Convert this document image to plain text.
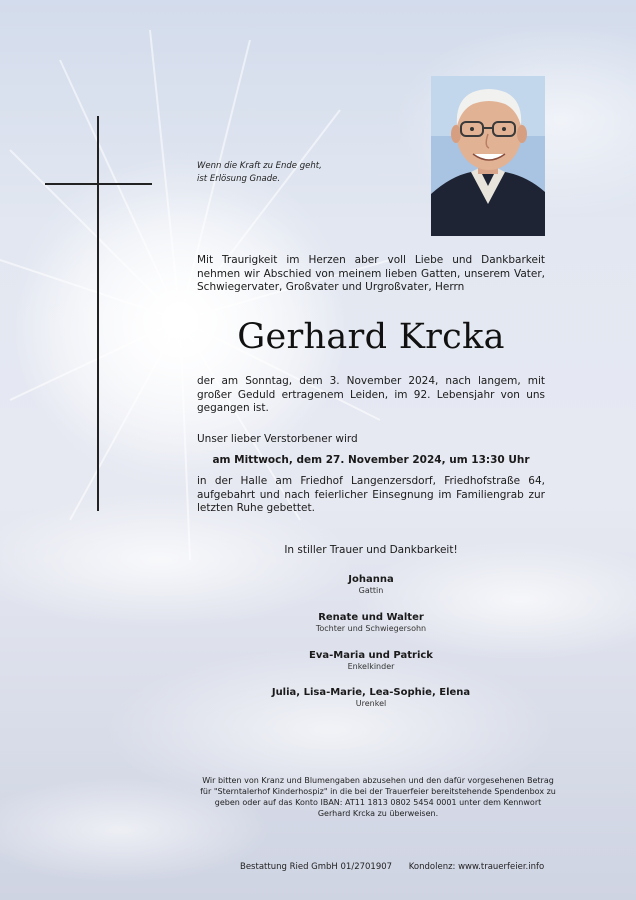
Wenn die Kraft zu Ende geht,
ist Erlösung Gnade.
Mit Traurigkeit im Herzen aber voll Liebe und Dankbarkeit nehmen wir Abschied von meinem lieben Gatten, unserem Vater, Schwiegervater, Großvater und Urgroßvater, Herrn
Gerhard Krcka
der am Sonntag, dem 3. November 2024, nach langem, mit großer Geduld ertragenem Leiden, im 92. Lebensjahr von uns gegangen ist.
Unser lieber Verstorbener wird
am Mittwoch, dem 27. November 2024, um 13:30 Uhr
in der Halle am Friedhof Langenzersdorf, Friedhofstraße 64, aufgebahrt und nach feierlicher Einsegnung im Familiengrab zur letzten Ruhe gebettet.
In stiller Trauer und Dankbarkeit!
Johanna
Gattin
Renate und Walter
Tochter und Schwiegersohn
Eva-Maria und Patrick
Enkelkinder
Julia, Lisa-Marie, Lea-Sophie, Elena
Urenkel
Wir bitten von Kranz und Blumengaben abzusehen und den dafür vorgesehenen Betrag
für "Sterntalerhof Kinderhospiz" in die bei der Trauerfeier bereitstehende Spendenbox zu
geben oder auf das Konto IBAN: AT11 1813 0802 5454 0001 unter dem Kennwort
Gerhard Krcka zu überweisen.
Bestattung Ried GmbH 01/2701907 Kondolenz: www.trauerfeier.info
